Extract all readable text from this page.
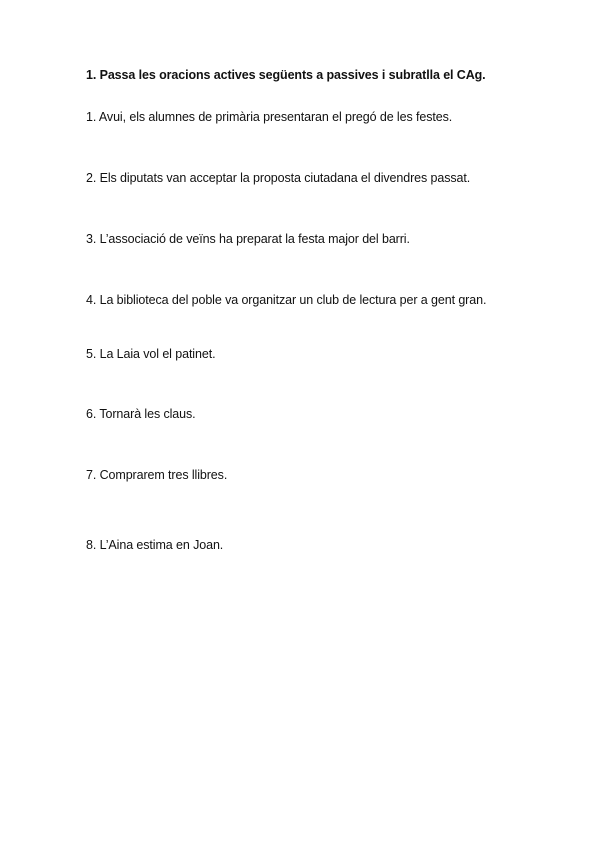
1. Passa les oracions actives següents a passives i subratlla el CAg.
1. Avui, els alumnes de primària presentaran el pregó de les festes.
2. Els diputats van acceptar la proposta ciutadana el divendres passat.
3. L’associació de veïns ha preparat la festa major del barri.
4. La biblioteca del poble va organitzar un club de lectura per a gent gran.
5. La Laia vol el patinet.
6. Tornarà les claus.
7. Comprarem tres llibres.
8. L’Aina estima en Joan.
